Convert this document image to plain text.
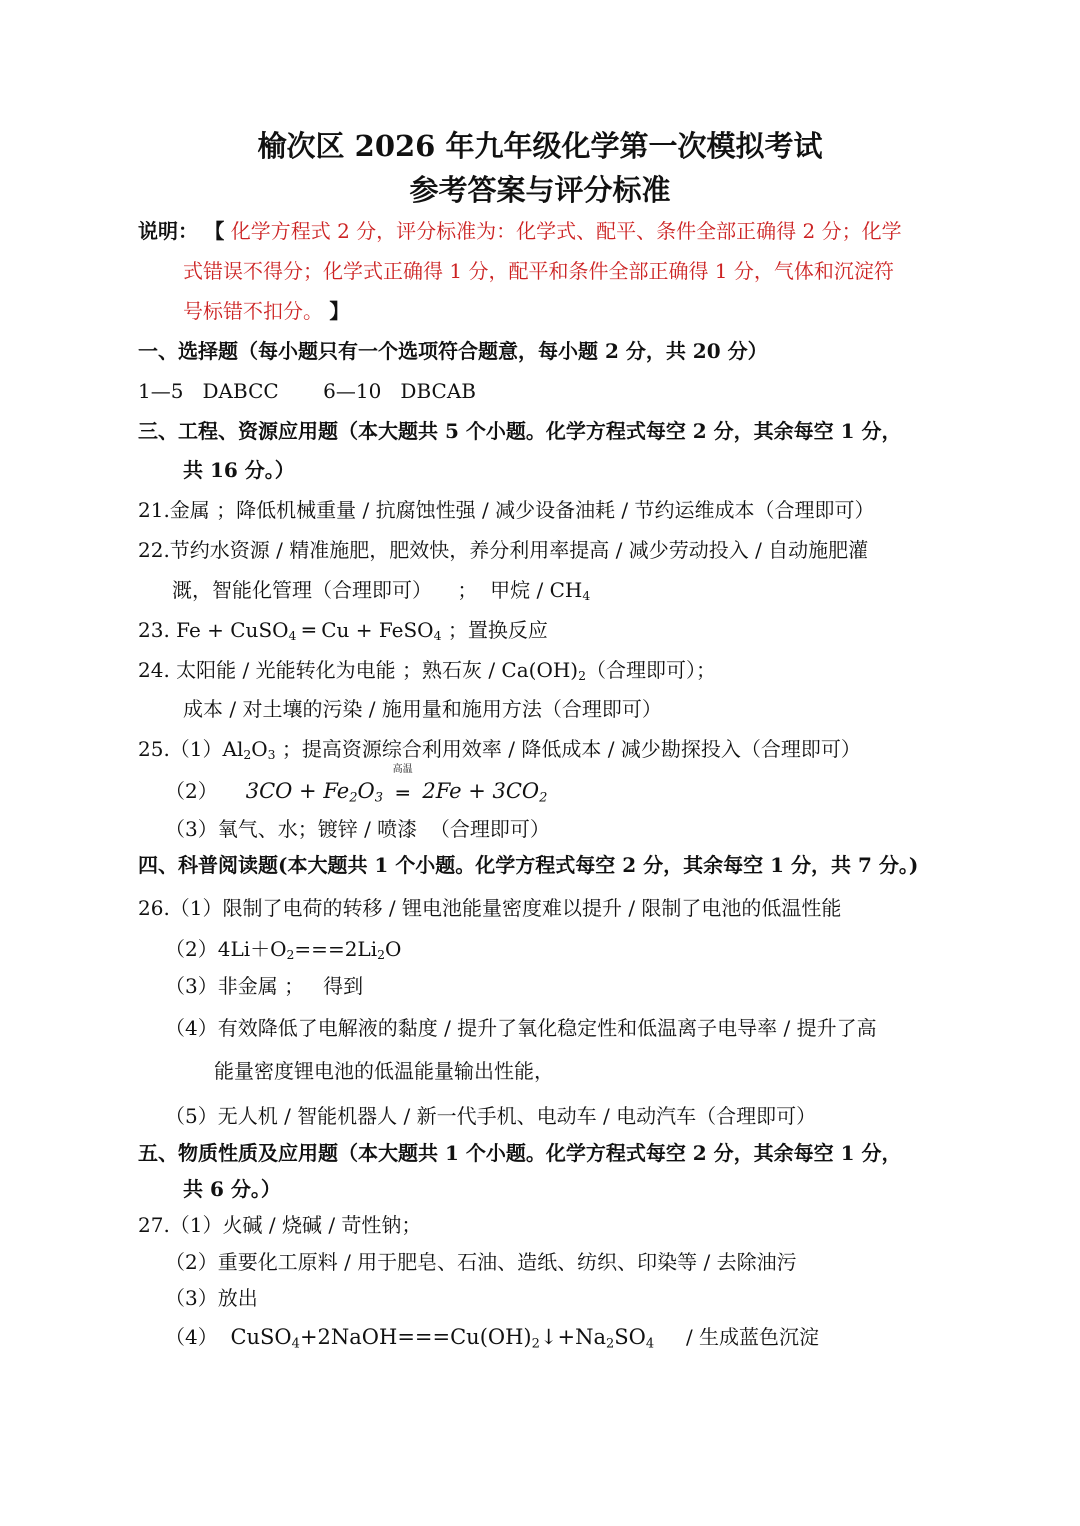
榆次区 2026 年九年级化学第一次模拟考试
参考答案与评分标准
说明： 【 化学方程式 2 分，评分标准为：化学式、配平、条件全部正确得 2 分；化学
式错误不得分；化学式正确得 1 分，配平和条件全部正确得 1 分，气体和沉淀符
号标错不扣分。 】
一、选择题（每小题只有一个选项符合题意，每小题 2 分，共 20 分）
1—5   DABCC       6—10   DBCAB
三、工程、资源应用题（本大题共 5 个小题。化学方程式每空 2 分，其余每空 1 分，
共 16 分。）
21.金属 ；降低机械重量 / 抗腐蚀性强 / 减少设备油耗 / 节约运维成本（合理即可）
22.节约水资源 / 精准施肥，肥效快，养分利用率提高 / 减少劳动投入 / 自动施肥灌
溉，智能化管理（合理即可）    ；  甲烷 / $CH_4$
23. Fe + CuSO$_4$ ═ Cu + FeSO$_4$ ；置换反应
24. 太阳能 / 光能转化为电能 ；熟石灰 / $Ca(OH)_2$（合理即可）；
成本 / 对土壤的污染 / 施用量和施用方法（合理即可）
$25.(1)Al_2O_3$ ；提高资源综合利用效率 / 降低成本 / 减少勘探投入（合理即可）
（2） $3CO + Fe_2O_3$
高温
═ $2Fe + 3CO_2$
（3）氧气、水；镀锌 / 喷漆  （合理即可）
四、科普阅读题(本大题共 1 个小题。化学方程式每空 2 分，其余每空 1 分，共 7 分。)
26.（1）限制了电荷的转移 / 锂电池能量密度难以提升 / 限制了电池的低温性能
$(2)4Li+O_2===2Li_2O$
（3）非金属 ；   得到
（4）有效降低了电解液的黏度 / 提升了氧化稳定性和低温离子电导率 / 提升了高
能量密度锂电池的低温能量输出性能，
（5）无人机 / 智能机器人 / 新一代手机、电动车 / 电动汽车（合理即可）
五、物质性质及应用题（本大题共 1 个小题。化学方程式每空 2 分，其余每空 1 分，
共 6 分。）
27.（1）火碱 / 烧碱 / 苛性钠；
（2）重要化工原料 / 用于肥皂、石油、造纸、纺织、印染等 / 去除油污
（3）放出
（4）  $CuSO_4+2NaOH===Cu(OH)_2↓+Na_2SO_4$     / 生成蓝色沉淀
